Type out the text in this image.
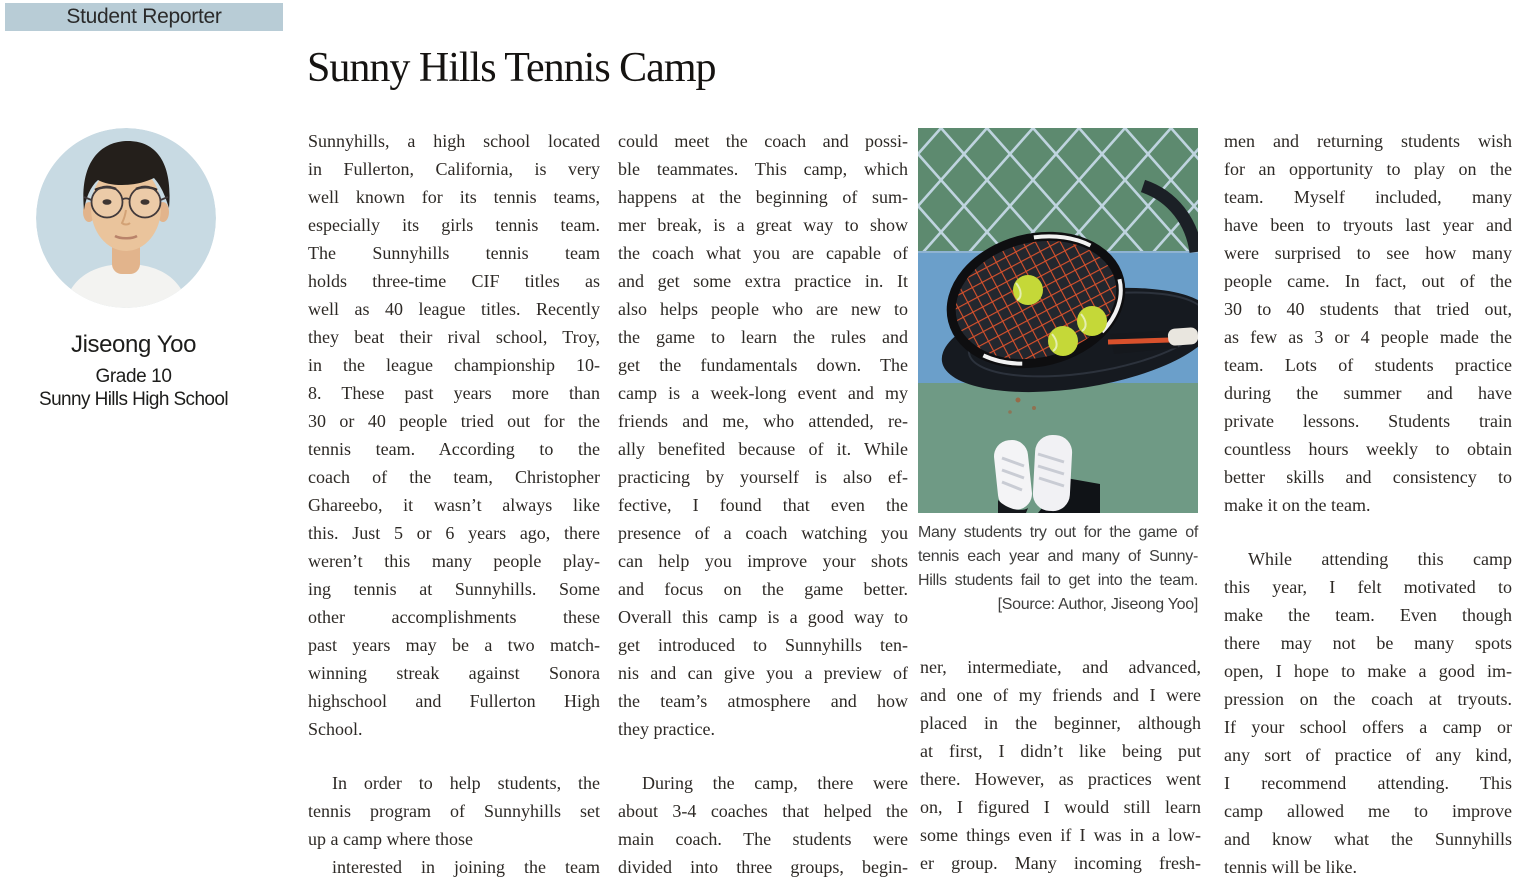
Student Reporter
Sunny Hills Tennis Camp
Jiseong Yoo
Grade 10
Sunny Hills High School
Sunnyhills, a high school located
in Fullerton, California, is very
well known for its tennis teams,
especially its girls tennis team.
The Sunnyhills tennis team
holds three-time CIF titles as
well as 40 league titles. Recently
they beat their rival school, Troy,
in the league championship 10-
8. These past years more than
30 or 40 people tried out for the
tennis team. According to the
coach of the team, Christopher
Ghareebo, it wasn’t always like
this. Just 5 or 6 years ago, there
weren’t this many people play-
ing tennis at Sunnyhills. Some
other accomplishments these
past years may be a two match-
winning streak against Sonora
highschool and Fullerton High
School.
In order to help students, the
tennis program of Sunnyhills set
up a camp where those
interested in joining the team
could meet the coach and possi-
ble teammates. This camp, which
happens at the beginning of sum-
mer break, is a great way to show
the coach what you are capable of
and get some extra practice in. It
also helps people who are new to
the game to learn the rules and
get the fundamentals down. The
camp is a week-long event and my
friends and me, who attended, re-
ally benefited because of it. While
practicing by yourself is also ef-
fective, I found that even the
presence of a coach watching you
can help you improve your shots
and focus on the game better.
Overall this camp is a good way to
get introduced to Sunnyhills ten-
nis and can give you a preview of
the team’s atmosphere and how
they practice.
During the camp, there were
about 3-4 coaches that helped the
main coach. The students were
divided into three groups, begin-
Many students try out for the game of
tennis each year and many of Sunny-
Hills students fail to get into the team.
[Source: Author, Jiseong Yoo]
ner, intermediate, and advanced,
and one of my friends and I were
placed in the beginner, although
at first, I didn’t like being put
there. However, as practices went
on, I figured I would still learn
some things even if I was in a low-
er group. Many incoming fresh-
men and returning students wish
for an opportunity to play on the
team. Myself included, many
have been to tryouts last year and
were surprised to see how many
people came. In fact, out of the
30 to 40 students that tried out,
as few as 3 or 4 people made the
team. Lots of students practice
during the summer and have
private lessons. Students train
countless hours weekly to obtain
better skills and consistency to
make it on the team.
While attending this camp
this year, I felt motivated to
make the team. Even though
there may not be many spots
open, I hope to make a good im-
pression on the coach at tryouts.
If your school offers a camp or
any sort of practice of any kind,
I recommend attending. This
camp allowed me to improve
and know what the Sunnyhills
tennis will be like.
